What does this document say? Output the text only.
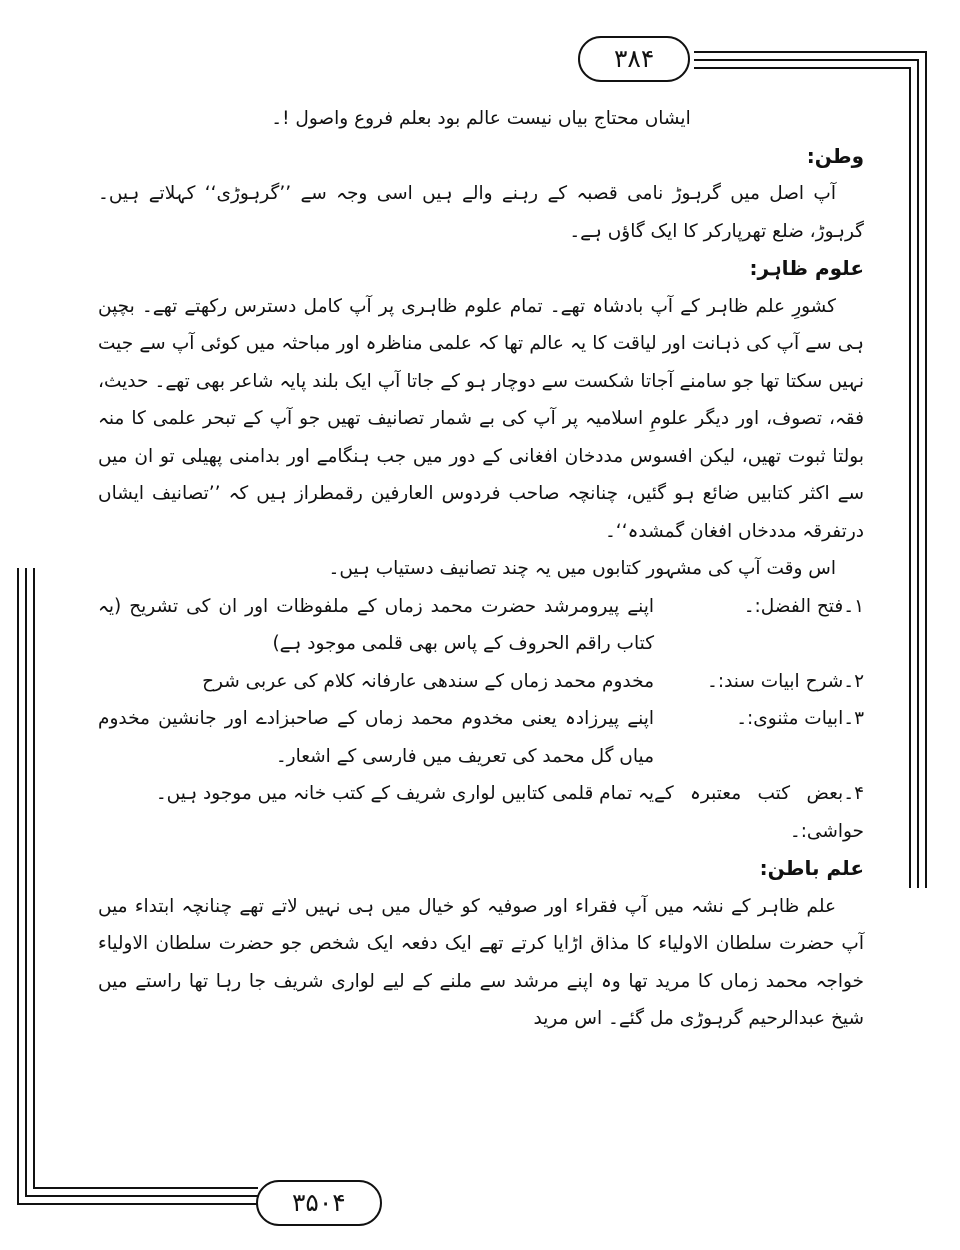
۳۸۴

ایشاں محتاج بیاں نیست عالم بود بعلم فروع واصول !۔

وطن:

آپ اصل میں گرہوڑ نامی قصبہ کے رہنے والے ہیں اسی وجہ سے ’’گرہوڑی‘‘ کہلاتے ہیں۔ گرہوڑ، ضلع تھرپارکر کا ایک گاؤں ہے۔

علوم ظاہر:

کشورِ علم ظاہر کے آپ بادشاہ تھے۔ تمام علوم ظاہری پر آپ کامل دسترس رکھتے تھے۔ بچپن ہی سے آپ کی ذہانت اور لیاقت کا یہ عالم تھا کہ علمی مناظرہ اور مباحثہ میں کوئی آپ سے جیت نہیں سکتا تھا جو سامنے آجاتا شکست سے دوچار ہو کے جاتا آپ ایک بلند پایہ شاعر بھی تھے۔ حدیث، فقہ، تصوف، اور دیگر علومِ اسلامیہ پر آپ کی بے شمار تصانیف تھیں جو آپ کے تبحر علمی کا منہ بولتا ثبوت تھیں، لیکن افسوس مددخان افغانی کے دور میں جب ہنگامے اور بدامنی پھیلی تو ان میں سے اکثر کتابیں ضائع ہو گئیں، چنانچہ صاحب فردوس العارفین رقمطراز ہیں کہ ’’تصانیف ایشاں درتفرقہ مددخاں افغان گمشدہ‘‘۔

اس وقت آپ کی مشہور کتابوں میں یہ چند تصانیف دستیاب ہیں۔

۱۔فتح الفضل:۔
اپنے پیرومرشد حضرت محمد زماں کے ملفوظات اور ان کی تشریح (یہ کتاب راقم الحروف کے پاس بھی قلمی موجود ہے)
۲۔شرح ابیات سند:۔
مخدوم محمد زماں کے سندھی عارفانہ کلام کی عربی شرح
۳۔ابیات مثنوی:۔
اپنے پیرزادہ یعنی مخدوم محمد زماں کے صاحبزادے اور جانشین مخدوم میاں گل محمد کی تعریف میں فارسی کے اشعار۔
۴۔بعض کتب معتبرہ کے حواشی:۔
یہ تمام قلمی کتابیں لواری شریف کے کتب خانہ میں موجود ہیں۔

علم باطن:

علم ظاہر کے نشہ میں آپ فقراء اور صوفیہ کو خیال میں ہی نہیں لاتے تھے چنانچہ ابتداء میں آپ حضرت سلطان الاولیاء کا مذاق اڑایا کرتے تھے ایک دفعہ ایک شخص جو حضرت سلطان الاولیاء خواجہ محمد زماں کا مرید تھا وہ اپنے مرشد سے ملنے کے لیے لواری شریف جا رہا تھا راستے میں شیخ عبدالرحیم گرہوڑی مل گئے۔ اس مرید

۳۵۰۴
